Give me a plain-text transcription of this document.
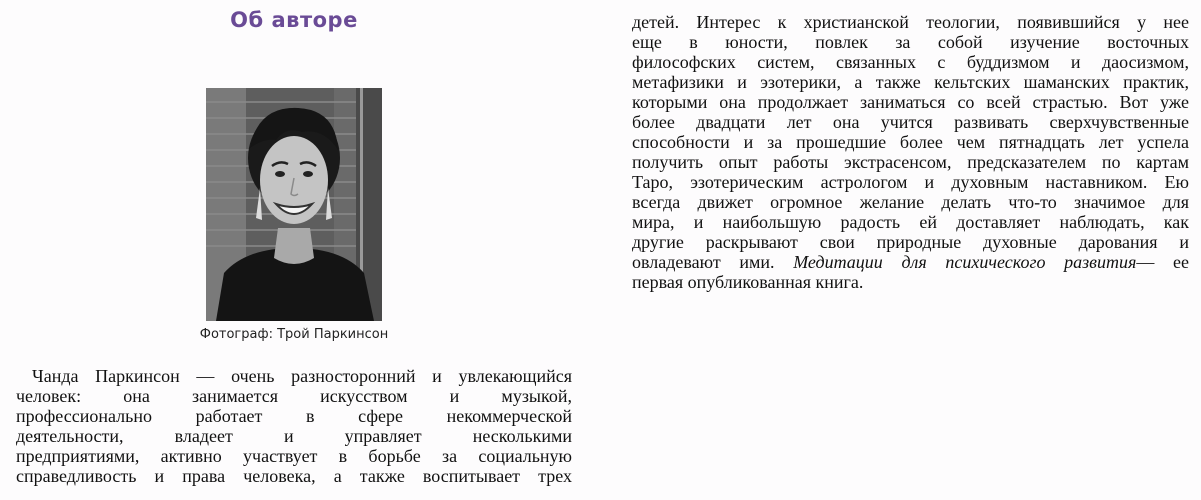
Об авторе

Фотограф: Трой Паркинсон

Чанда Паркинсон — очень разносторонний и увлекающийся
человек: она занимается искусством и музыкой,
профессионально работает в сфере некоммерческой
деятельности, владеет и управляет несколькими
предприятиями, активно участвует в борьбе за социальную
справедливость и права человека, а также воспитывает трех

детей. Интерес к христианской теологии, появившийся у нее
еще в юности, повлек за собой изучение восточных
философских систем, связанных с буддизмом и даосизмом,
метафизики и эзотерики, а также кельтских шаманских практик,
которыми она продолжает заниматься со всей страстью. Вот уже
более двадцати лет она учится развивать сверхчувственные
способности и за прошедшие более чем пятнадцать лет успела
получить опыт работы экстрасенсом, предсказателем по картам
Таро, эзотерическим астрологом и духовным наставником. Ею
всегда движет огромное желание делать что-то значимое для
мира, и наибольшую радость ей доставляет наблюдать, как
другие раскрывают свои природные духовные дарования и
овладевают ими. Медитации для психического развития— ее
первая опубликованная книга.
